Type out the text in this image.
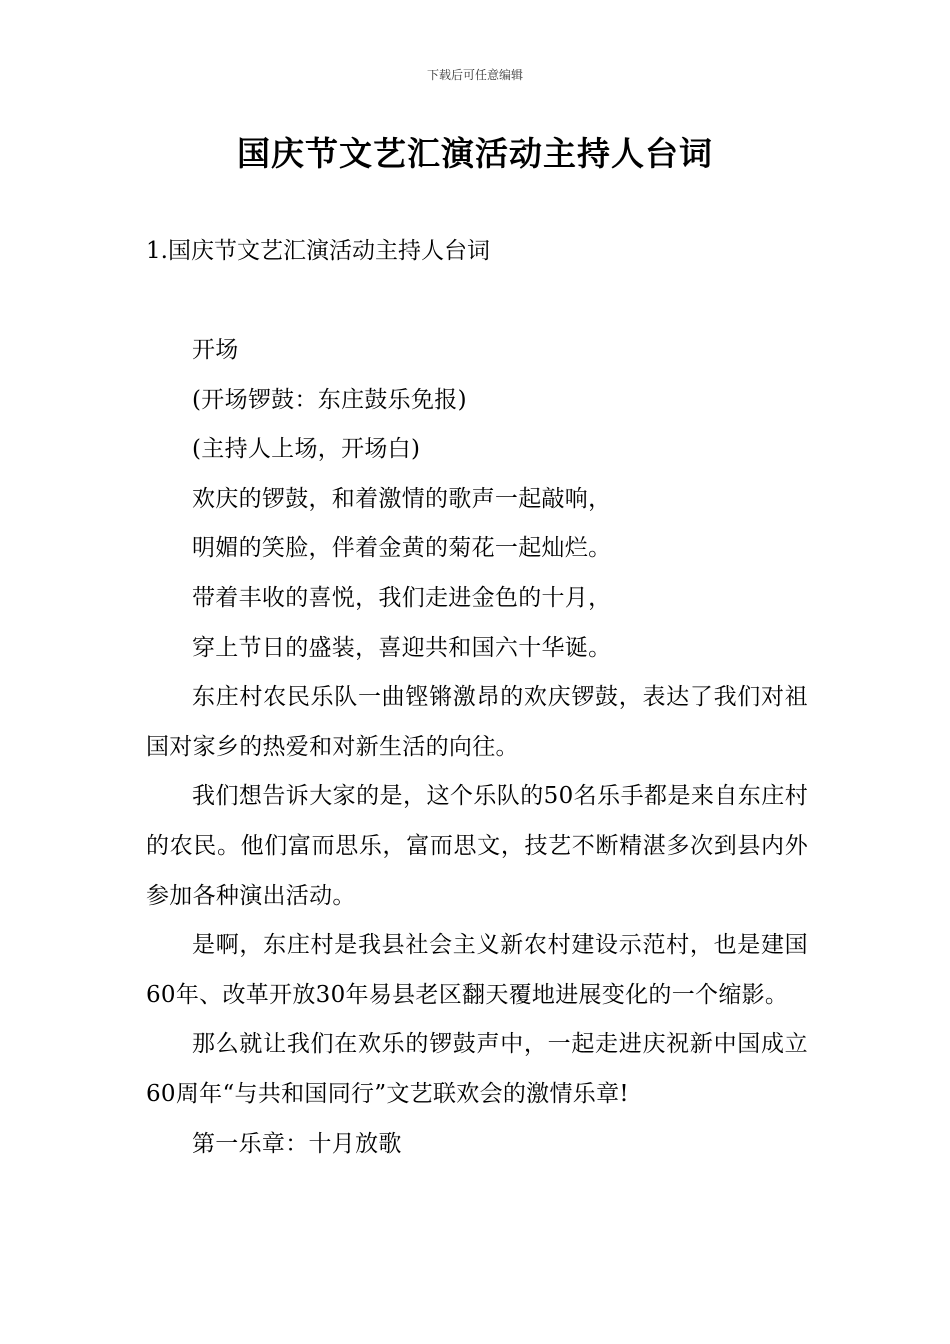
下载后可任意编辑
国庆节文艺汇演活动主持人台词
1.国庆节文艺汇演活动主持人台词

开场

(开场锣鼓：东庄鼓乐免报)

(主持人上场，开场白)

欢庆的锣鼓，和着激情的歌声一起敲响，

明媚的笑脸，伴着金黄的菊花一起灿烂。

带着丰收的喜悦，我们走进金色的十月，

穿上节日的盛装，喜迎共和国六十华诞。

东庄村农民乐队一曲铿锵激昂的欢庆锣鼓，表达了我们对祖国对家乡的热爱和对新生活的向往。

我们想告诉大家的是，这个乐队的50名乐手都是来自东庄村的农民。他们富而思乐，富而思文，技艺不断精湛多次到县内外参加各种演出活动。

是啊，东庄村是我县社会主义新农村建设示范村，也是建国60年、改革开放30年易县老区翻天覆地进展变化的一个缩影。

那么就让我们在欢乐的锣鼓声中，一起走进庆祝新中国成立60周年“与共和国同行”文艺联欢会的激情乐章!

第一乐章：十月放歌
